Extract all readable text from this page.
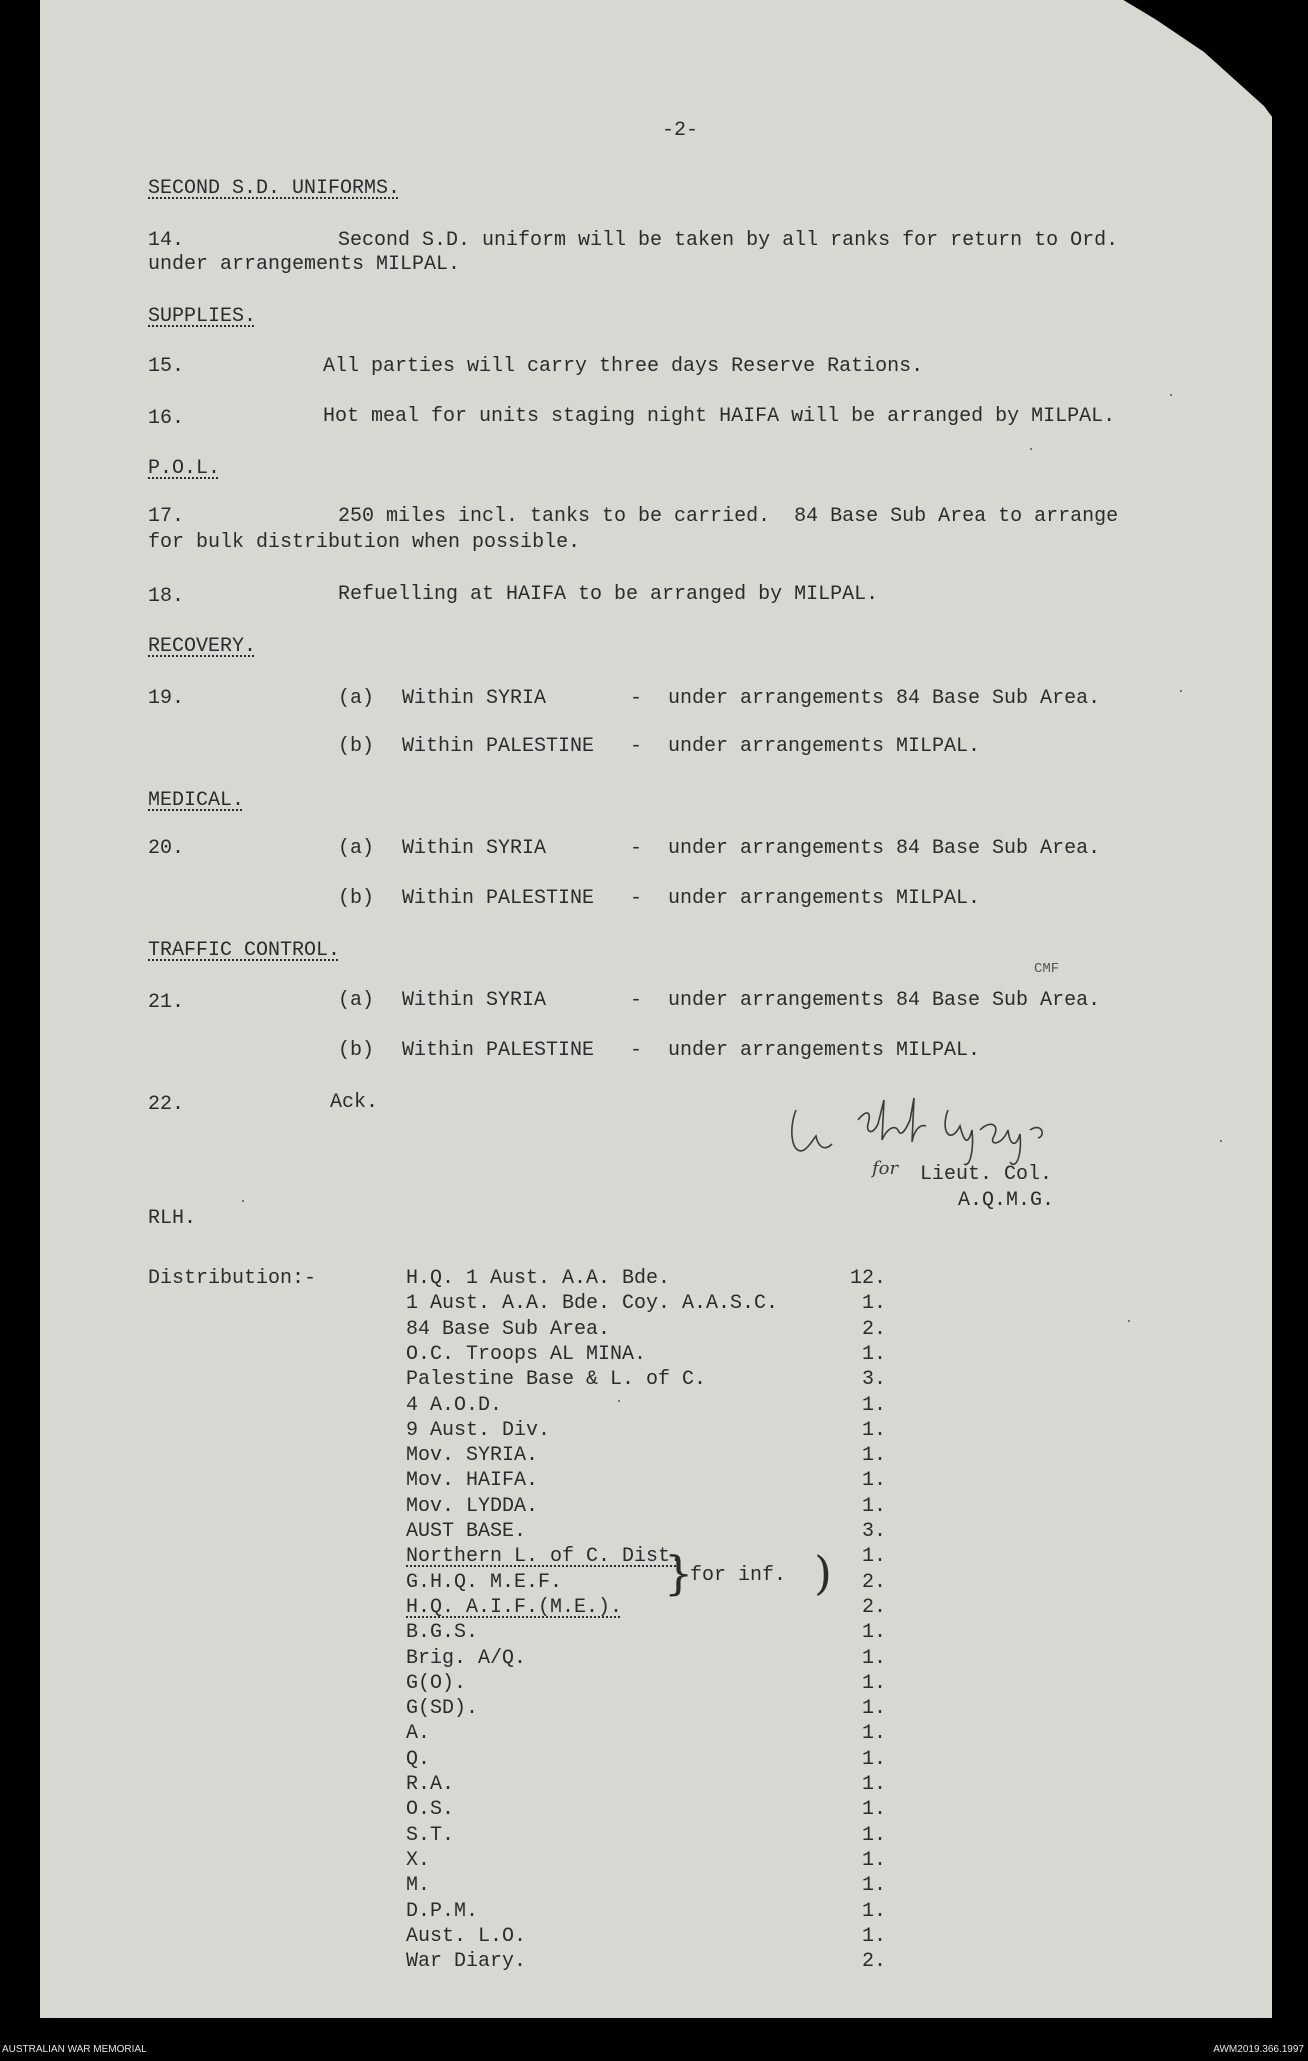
-2-
SECOND S.D. UNIFORMS.
14.	Second S.D. uniform will be taken by all ranks for return to Ord.
under arrangements MILPAL.
SUPPLIES.
15.	All parties will carry three days Reserve Rations.
16.	Hot meal for units staging night HAIFA will be arranged by MILPAL.
P.O.L.
17.	250 miles incl. tanks to be carried.  84 Base Sub Area to arrange
for bulk distribution when possible.
18.	Refuelling at HAIFA to be arranged by MILPAL.
RECOVERY.
19.	(a) Within SYRIA	- under arrangements 84 Base Sub Area.
(b) Within PALESTINE - under arrangements MILPAL.
MEDICAL.
20.	(a) Within SYRIA	- under arrangements 84 Base Sub Area.
(b) Within PALESTINE - under arrangements MILPAL.
TRAFFIC CONTROL.
21.	(a) Within SYRIA	- under arrangements 84 Base Sub Area.
CMF
(b) Within PALESTINE - under arrangements MILPAL.
22.	Ack.
for Lieut. Col.
A.Q.M.G.
RLH.
Distribution:-	H.Q. 1 Aust. A.A. Bde.	12.
1 Aust. A.A. Bde. Coy. A.A.S.C.	1.
84 Base Sub Area.	2.
O.C. Troops AL MINA.	1.
Palestine Base & L. of C.	3.
4 A.O.D.	1.
9 Aust. Div.	1.
Mov. SYRIA.	1.
Mov. HAIFA.	1.
Mov. LYDDA.	1.
AUST BASE.	3.
Northern L. of C. Dist.	1.
G.H.Q. M.E.F.	2.
H.Q. A.I.F.(M.E.).	2.
B.G.S.	1.
Brig. A/Q.	1.
G(O).	1.
G(SD).	1.
A.	1.
Q.	1.
R.A.	1.
O.S.	1.
S.T.	1.
X.	1.
M.	1.
D.P.M.	1.
Aust. L.O.	1.
War Diary.	2.
}	)
for inf.
AUSTRALIAN WAR MEMORIAL	AWM2019.366.1997
